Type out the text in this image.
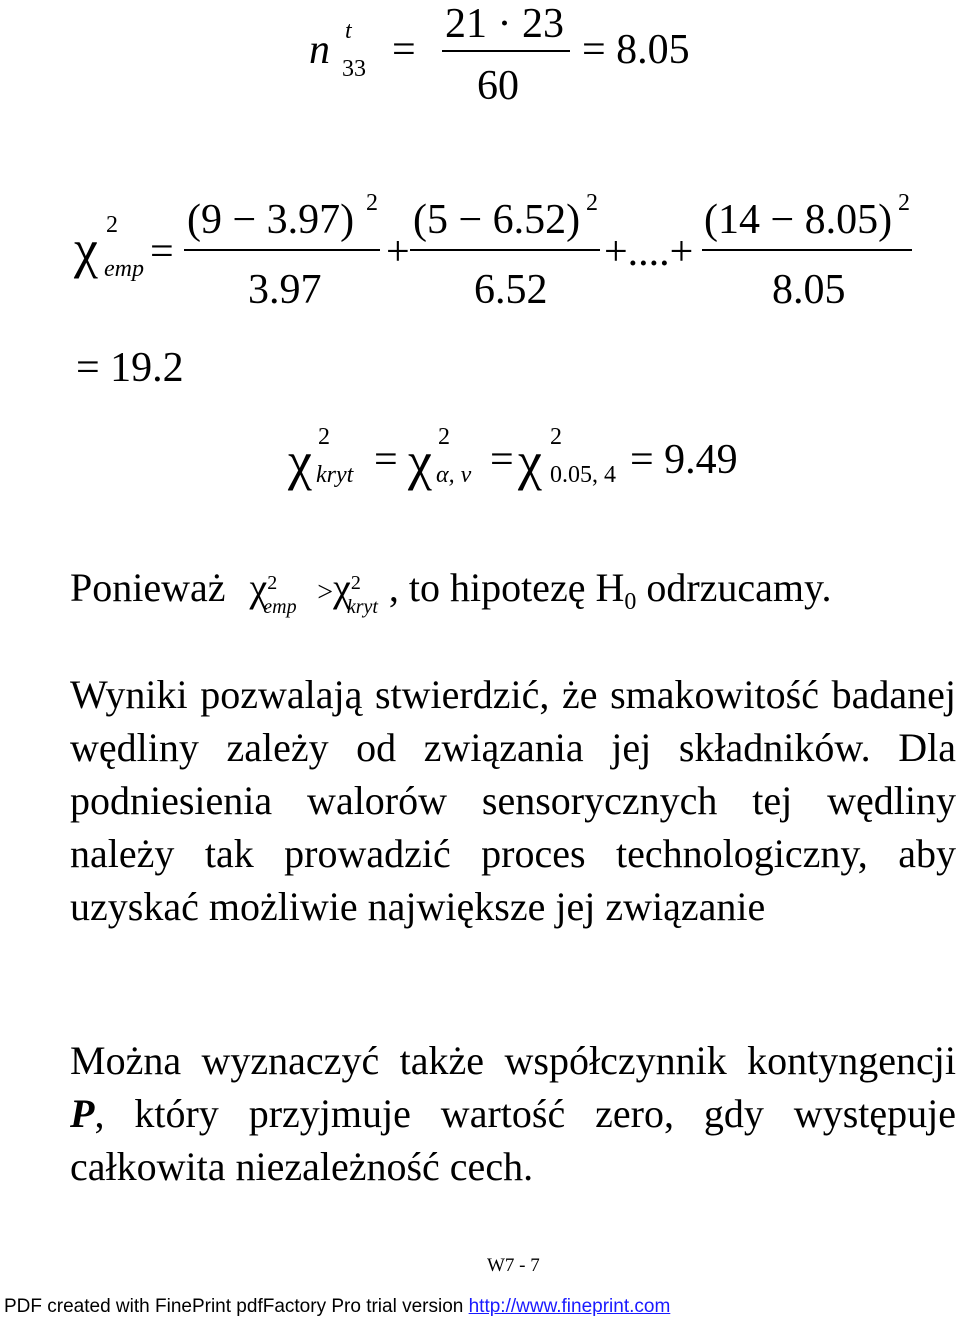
n t
33 =
21 · 23
60
= 8.05
χ 2
emp =
(9 − 3.97) 2
3.97
+
(5 − 6.52) 2
6.52
+....+
(14 − 8.05) 2
8.05
= 19.2
χ 2
kryt = χ 2
α, v = χ 2
0.05, 4 = 9.49
Ponieważ χ 2
emp >χ 2
kryt , to hipotezę $H_0$ odrzucamy.

Wyniki pozwalają stwierdzić, że smakowitość badanej wędliny zależy od związania jej składników. Dla podniesienia walorów sensorycznych tej wędliny należy tak prowadzić proces technologiczny, aby uzyskać możliwie największe jej związanie

Można wyznaczyć także współczynnik kontyngencji P, który przyjmuje wartość zero, gdy występuje całkowita niezależność cech.

W7 - 7
PDF created with FinePrint pdfFactory Pro trial version http://www.fineprint.com
